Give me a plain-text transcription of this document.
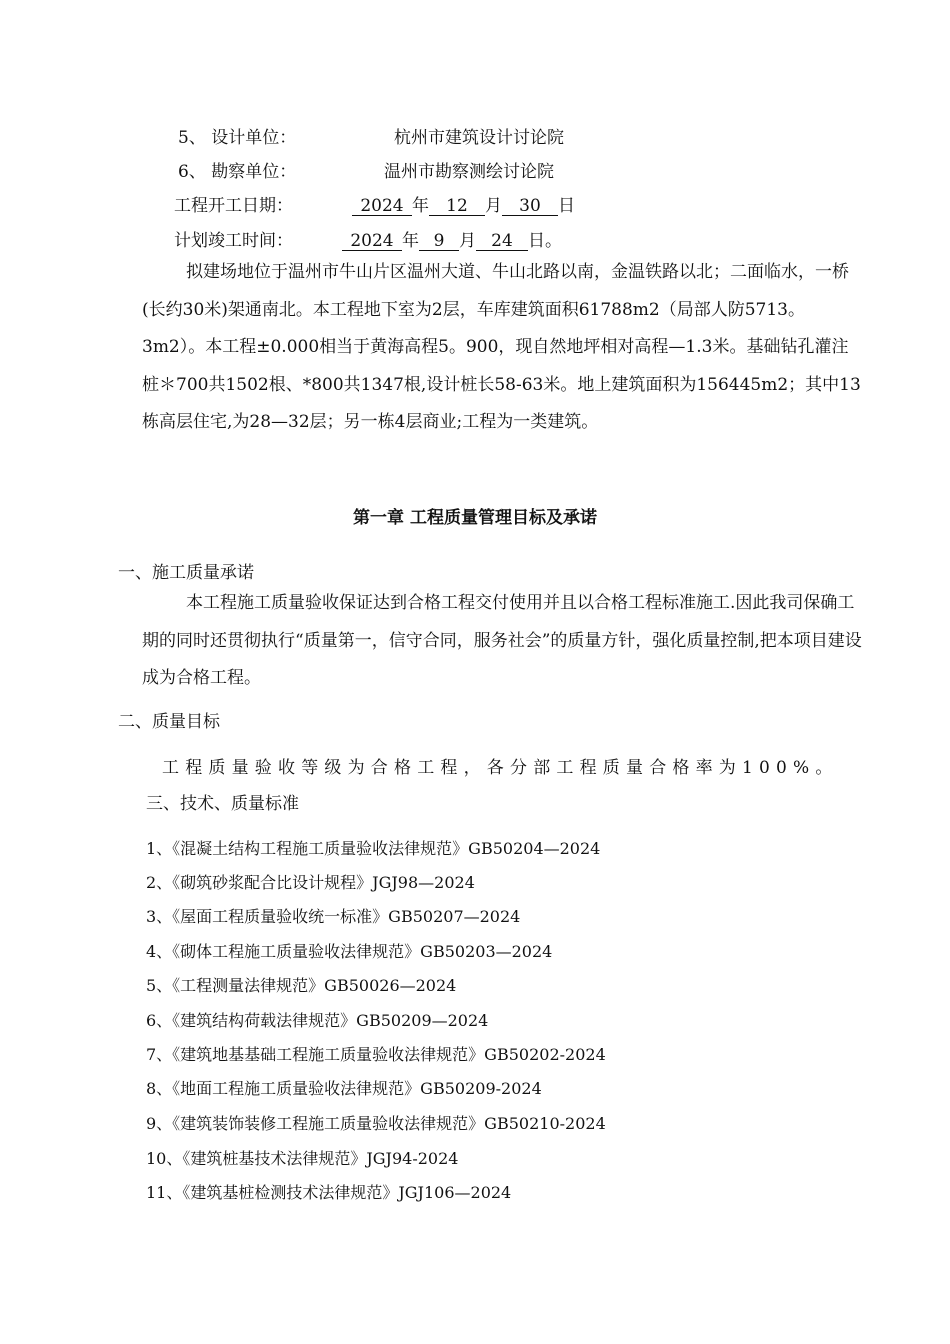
5、 设计单位：	杭州市建筑设计讨论院
6、 勘察单位：	温州市勘察测绘讨论院
工程开工日期：	2024 年 12 月 30 日
计划竣工时间：	2024 年 9 月 24 日。
拟建场地位于温州市牛山片区温州大道、牛山北路以南，金温铁路以北；二面临水，一桥(长约30米)架通南北。本工程地下室为2层，车库建筑面积61788m2（局部人防5713。3m2）。本工程±0.000相当于黄海高程5。900，现自然地坪相对高程—1.3米。基础钻孔灌注桩＊700共1502根、*800共1347根,设计桩长58-63米。地上建筑面积为156445m2；其中13栋高层住宅,为28—32层；另一栋4层商业;工程为一类建筑。
第一章 工程质量管理目标及承诺
一、施工质量承诺
本工程施工质量验收保证达到合格工程交付使用并且以合格工程标准施工.因此我司保确工期的同时还贯彻执行“质量第一，信守合同，服务社会”的质量方针，强化质量控制,把本项目建设成为合格工程。
二、质量目标
工程质量验收等级为合格工程，各分部工程质量合格率为100%。
三、技术、质量标准
1、《混凝土结构工程施工质量验收法律规范》GB50204—2024
2、《砌筑砂浆配合比设计规程》JGJ98—2024
3、《屋面工程质量验收统一标准》GB50207—2024
4、《砌体工程施工质量验收法律规范》GB50203—2024
5、《工程测量法律规范》GB50026—2024
6、《建筑结构荷载法律规范》GB50209—2024
7、《建筑地基基础工程施工质量验收法律规范》GB50202-2024
8、《地面工程施工质量验收法律规范》GB50209-2024
9、《建筑装饰装修工程施工质量验收法律规范》GB50210-2024
10、《建筑桩基技术法律规范》JGJ94-2024
11、《建筑基桩检测技术法律规范》JGJ106—2024
